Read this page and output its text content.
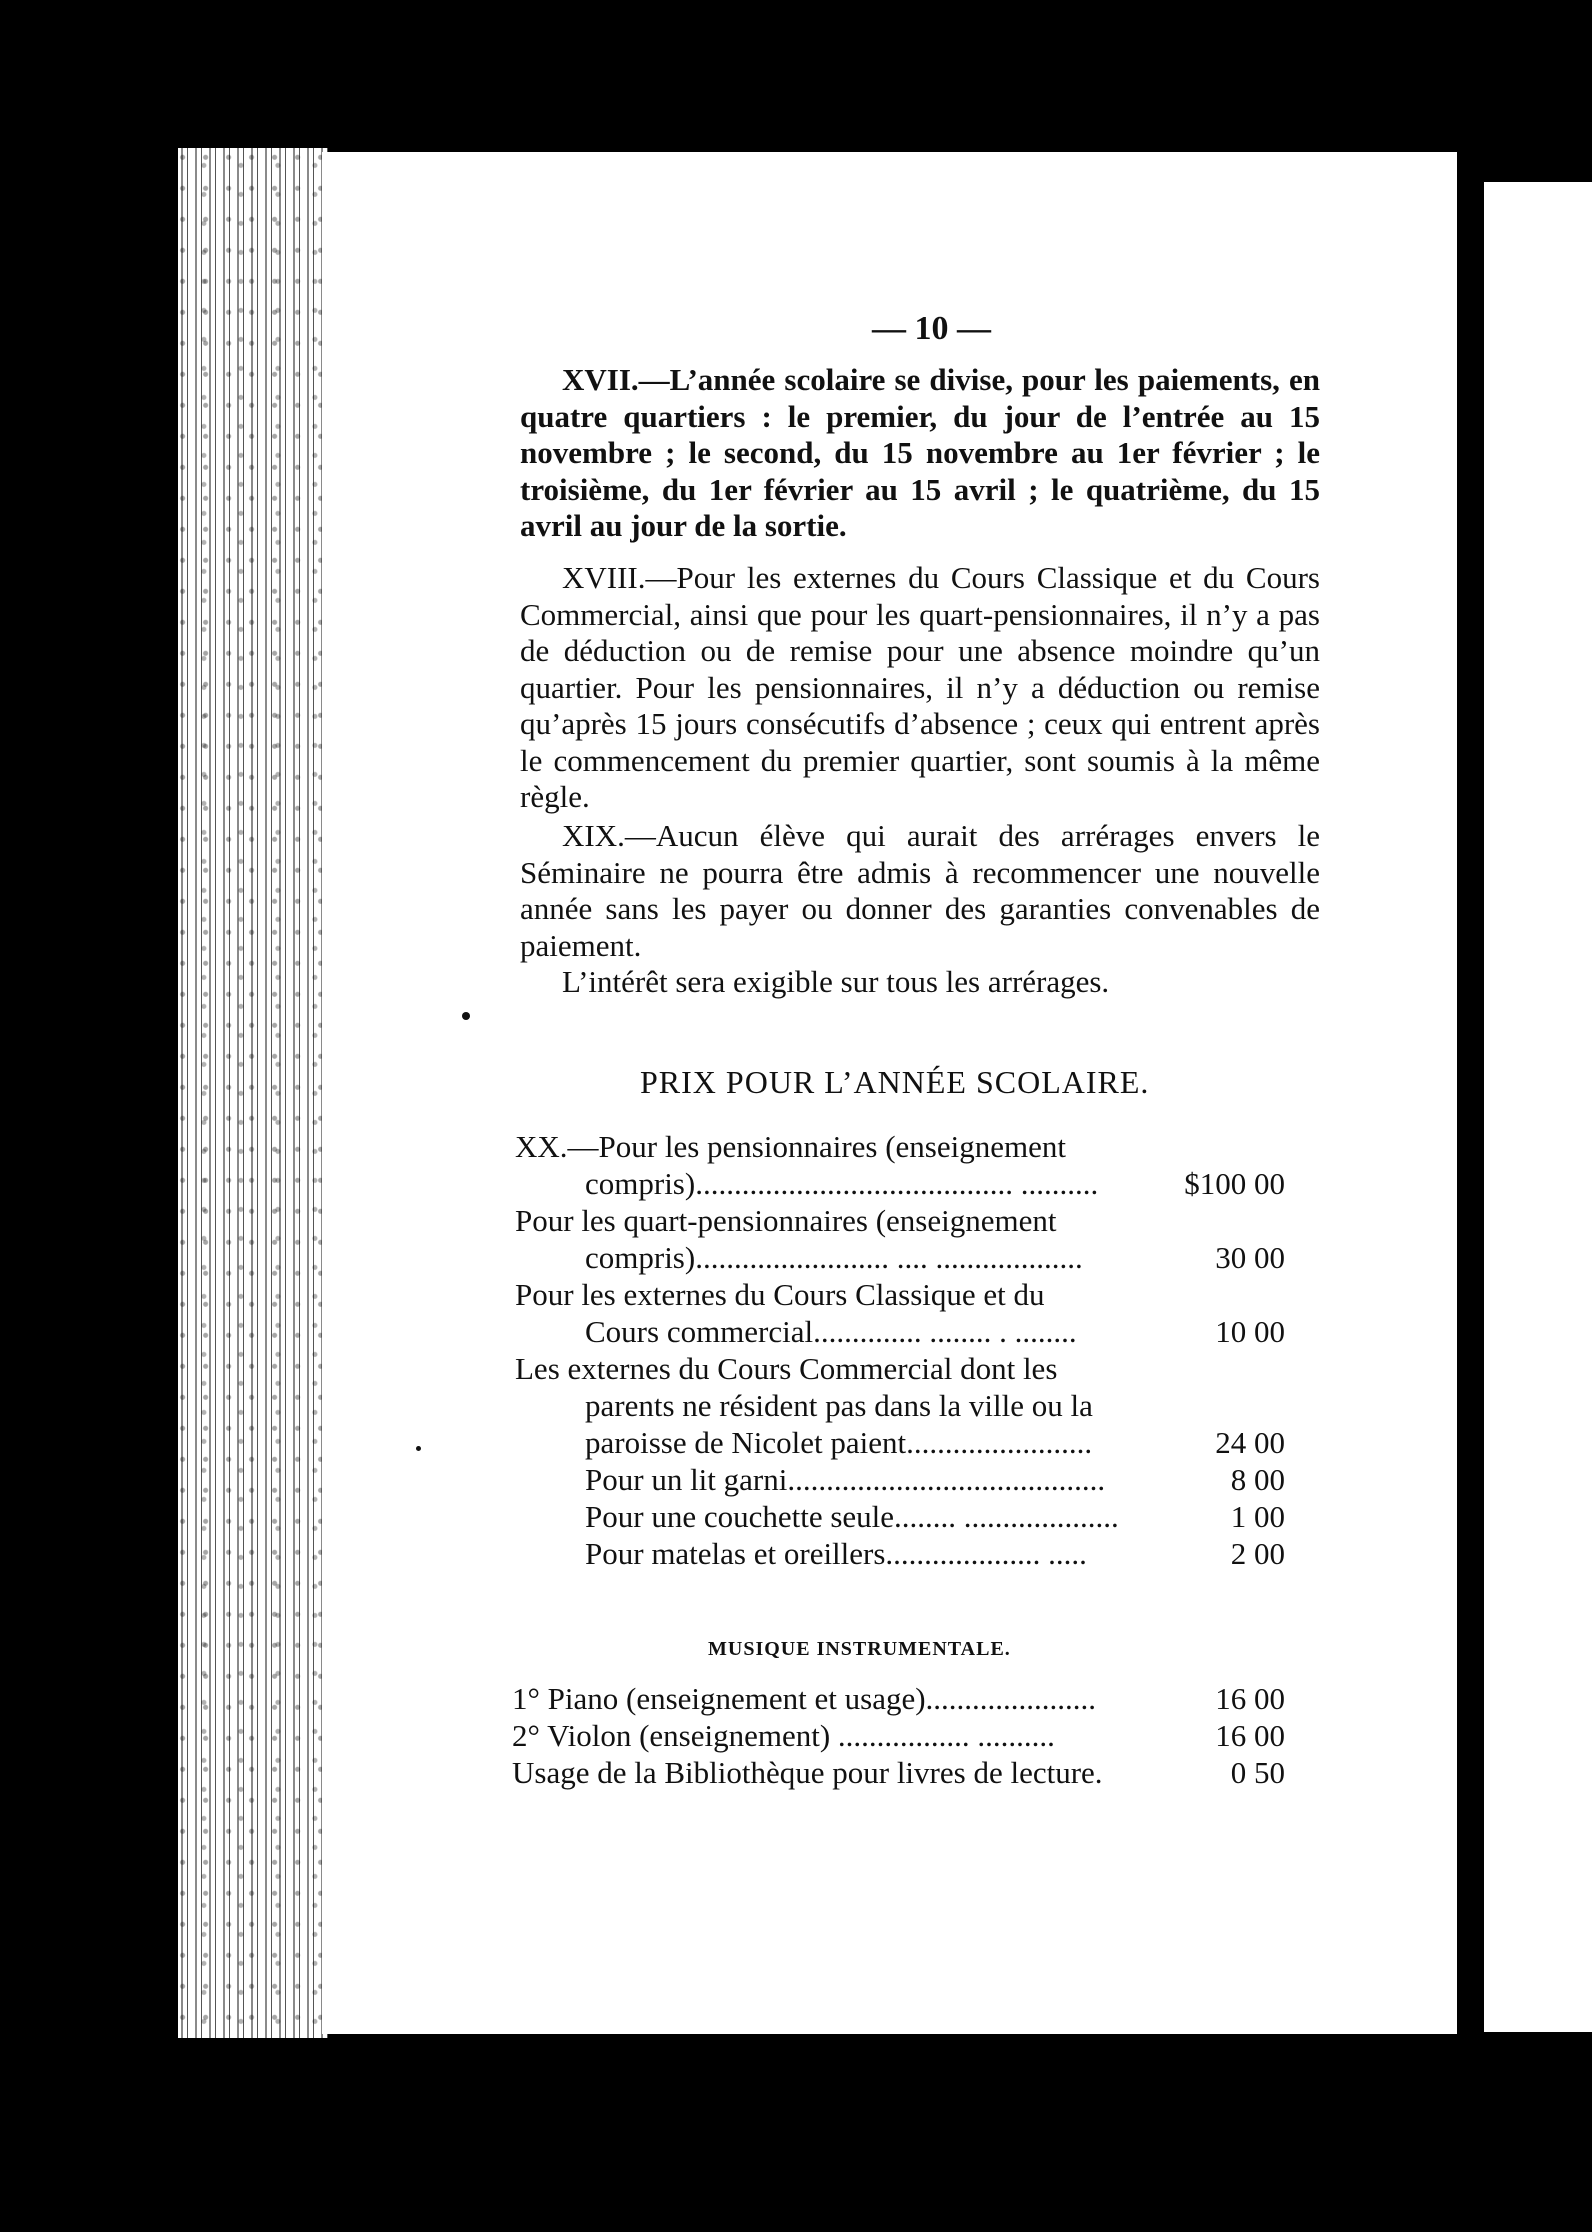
— 10 —

XVII.—L’année scolaire se divise, pour les paiements, en quatre quartiers : le premier, du jour de l’entrée au 15 novembre ; le second, du 15 novembre au 1er février ; le troisième, du 1er février au 15 avril ; le quatrième, du 15 avril au jour de la sortie.

XVIII.—Pour les externes du Cours Classique et du Cours Commercial, ainsi que pour les quart-pensionnaires, il n’y a pas de déduction ou de remise pour une absence moindre qu’un quartier. Pour les pensionnaires, il n’y a déduction ou remise qu’après 15 jours consécutifs d’absence ; ceux qui entrent après le commencement du premier quartier, sont soumis à la même règle.

XIX.—Aucun élève qui aurait des arrérages envers le Séminaire ne pourra être admis à recommencer une nouvelle année sans les payer ou donner des garanties convenables de paiement.

L’intérêt sera exigible sur tous les arrérages.

PRIX POUR L’ANNÉE SCOLAIRE.
XX.—Pour les pensionnaires (enseignement
compris)......................................... ..........	$100 00
Pour les quart-pensionnaires (enseignement
compris)......................... .... ...................	30 00
Pour les externes du Cours Classique et du
Cours commercial.............. ........ . ........	10 00
Les externes du Cours Commercial dont les
parents ne résident pas dans la ville ou la
paroisse de Nicolet paient........................	24 00
Pour un lit garni.........................................	8 00
Pour une couchette seule........ ....................	1 00
Pour matelas et oreillers.................... .....	2 00
MUSIQUE INSTRUMENTALE.
1° Piano (enseignement et usage)......................	16 00
2° Violon (enseignement) ................. ..........	16 00
Usage de la Bibliothèque pour livres de lecture.	0 50
